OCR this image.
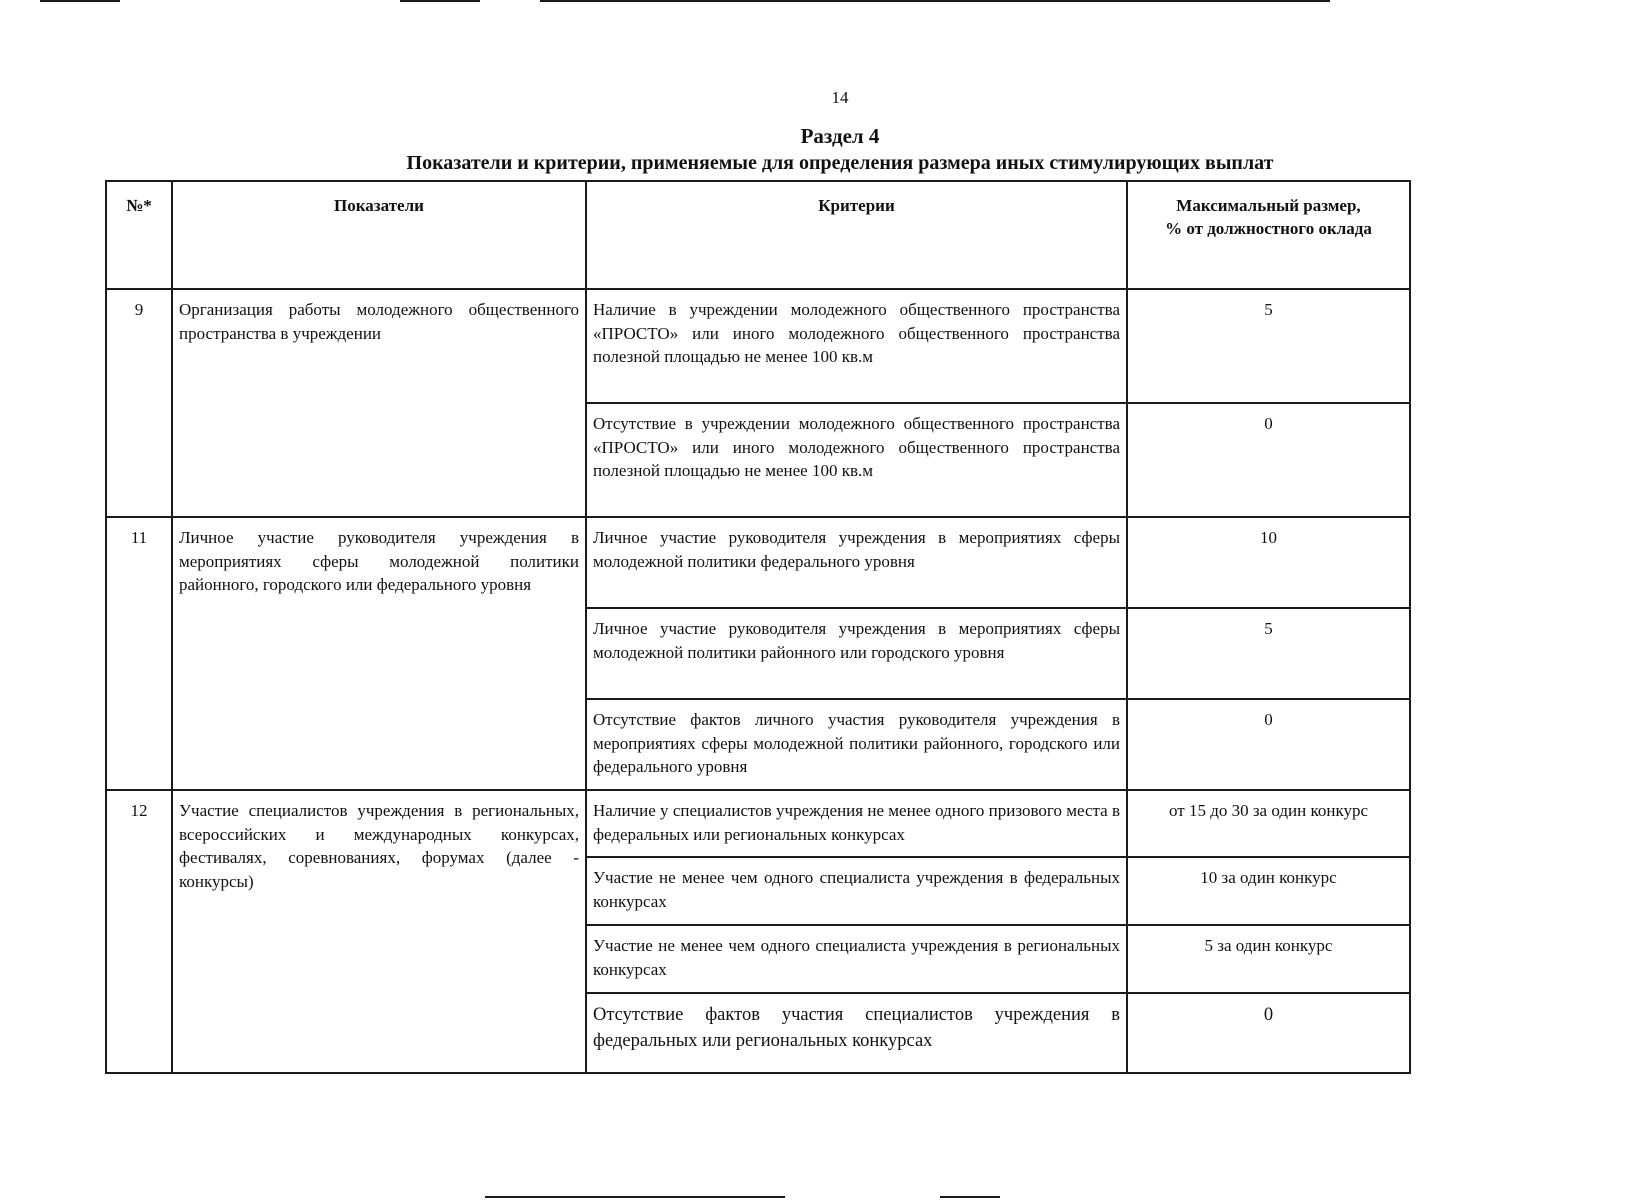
14
Раздел 4
Показатели и критерии, применяемые для определения размера иных стимулирующих выплат
№*	Показатели	Критерии	Максимальный размер,
% от должностного оклада

9	Организация работы молодежного общественного пространства в учреждении	Наличие в учреждении молодежного общественного пространства «ПРОСТО» или иного молодежного общественного пространства полезной площадью не менее 100 кв.м	5
		Отсутствие в учреждении молодежного общественного пространства «ПРОСТО» или иного молодежного общественного пространства полезной площадью не менее 100 кв.м	0
11	Личное участие руководителя учреждения в мероприятиях сферы молодежной политики районного, городского или федерального уровня	Личное участие руководителя учреждения в мероприятиях сферы молодежной политики федерального уровня	10
		Личное участие руководителя учреждения в мероприятиях сферы молодежной политики районного или городского уровня	5
		Отсутствие фактов личного участия руководителя учреждения в мероприятиях сферы молодежной политики районного, городского или федерального уровня	0
12	Участие специалистов учреждения в региональных, всероссийских и международных конкурсах, фестивалях, соревнованиях, форумах (далее - конкурсы)	Наличие у специалистов учреждения не менее одного призового места в федеральных или региональных конкурсах	от 15 до 30 за один конкурс
		Участие не менее чем одного специалиста учреждения в федеральных конкурсах	10 за один конкурс
		Участие не менее чем одного специалиста учреждения в региональных конкурсах	5 за один конкурс
		Отсутствие фактов участия специалистов учреждения в федеральных или региональных конкурсах	0
